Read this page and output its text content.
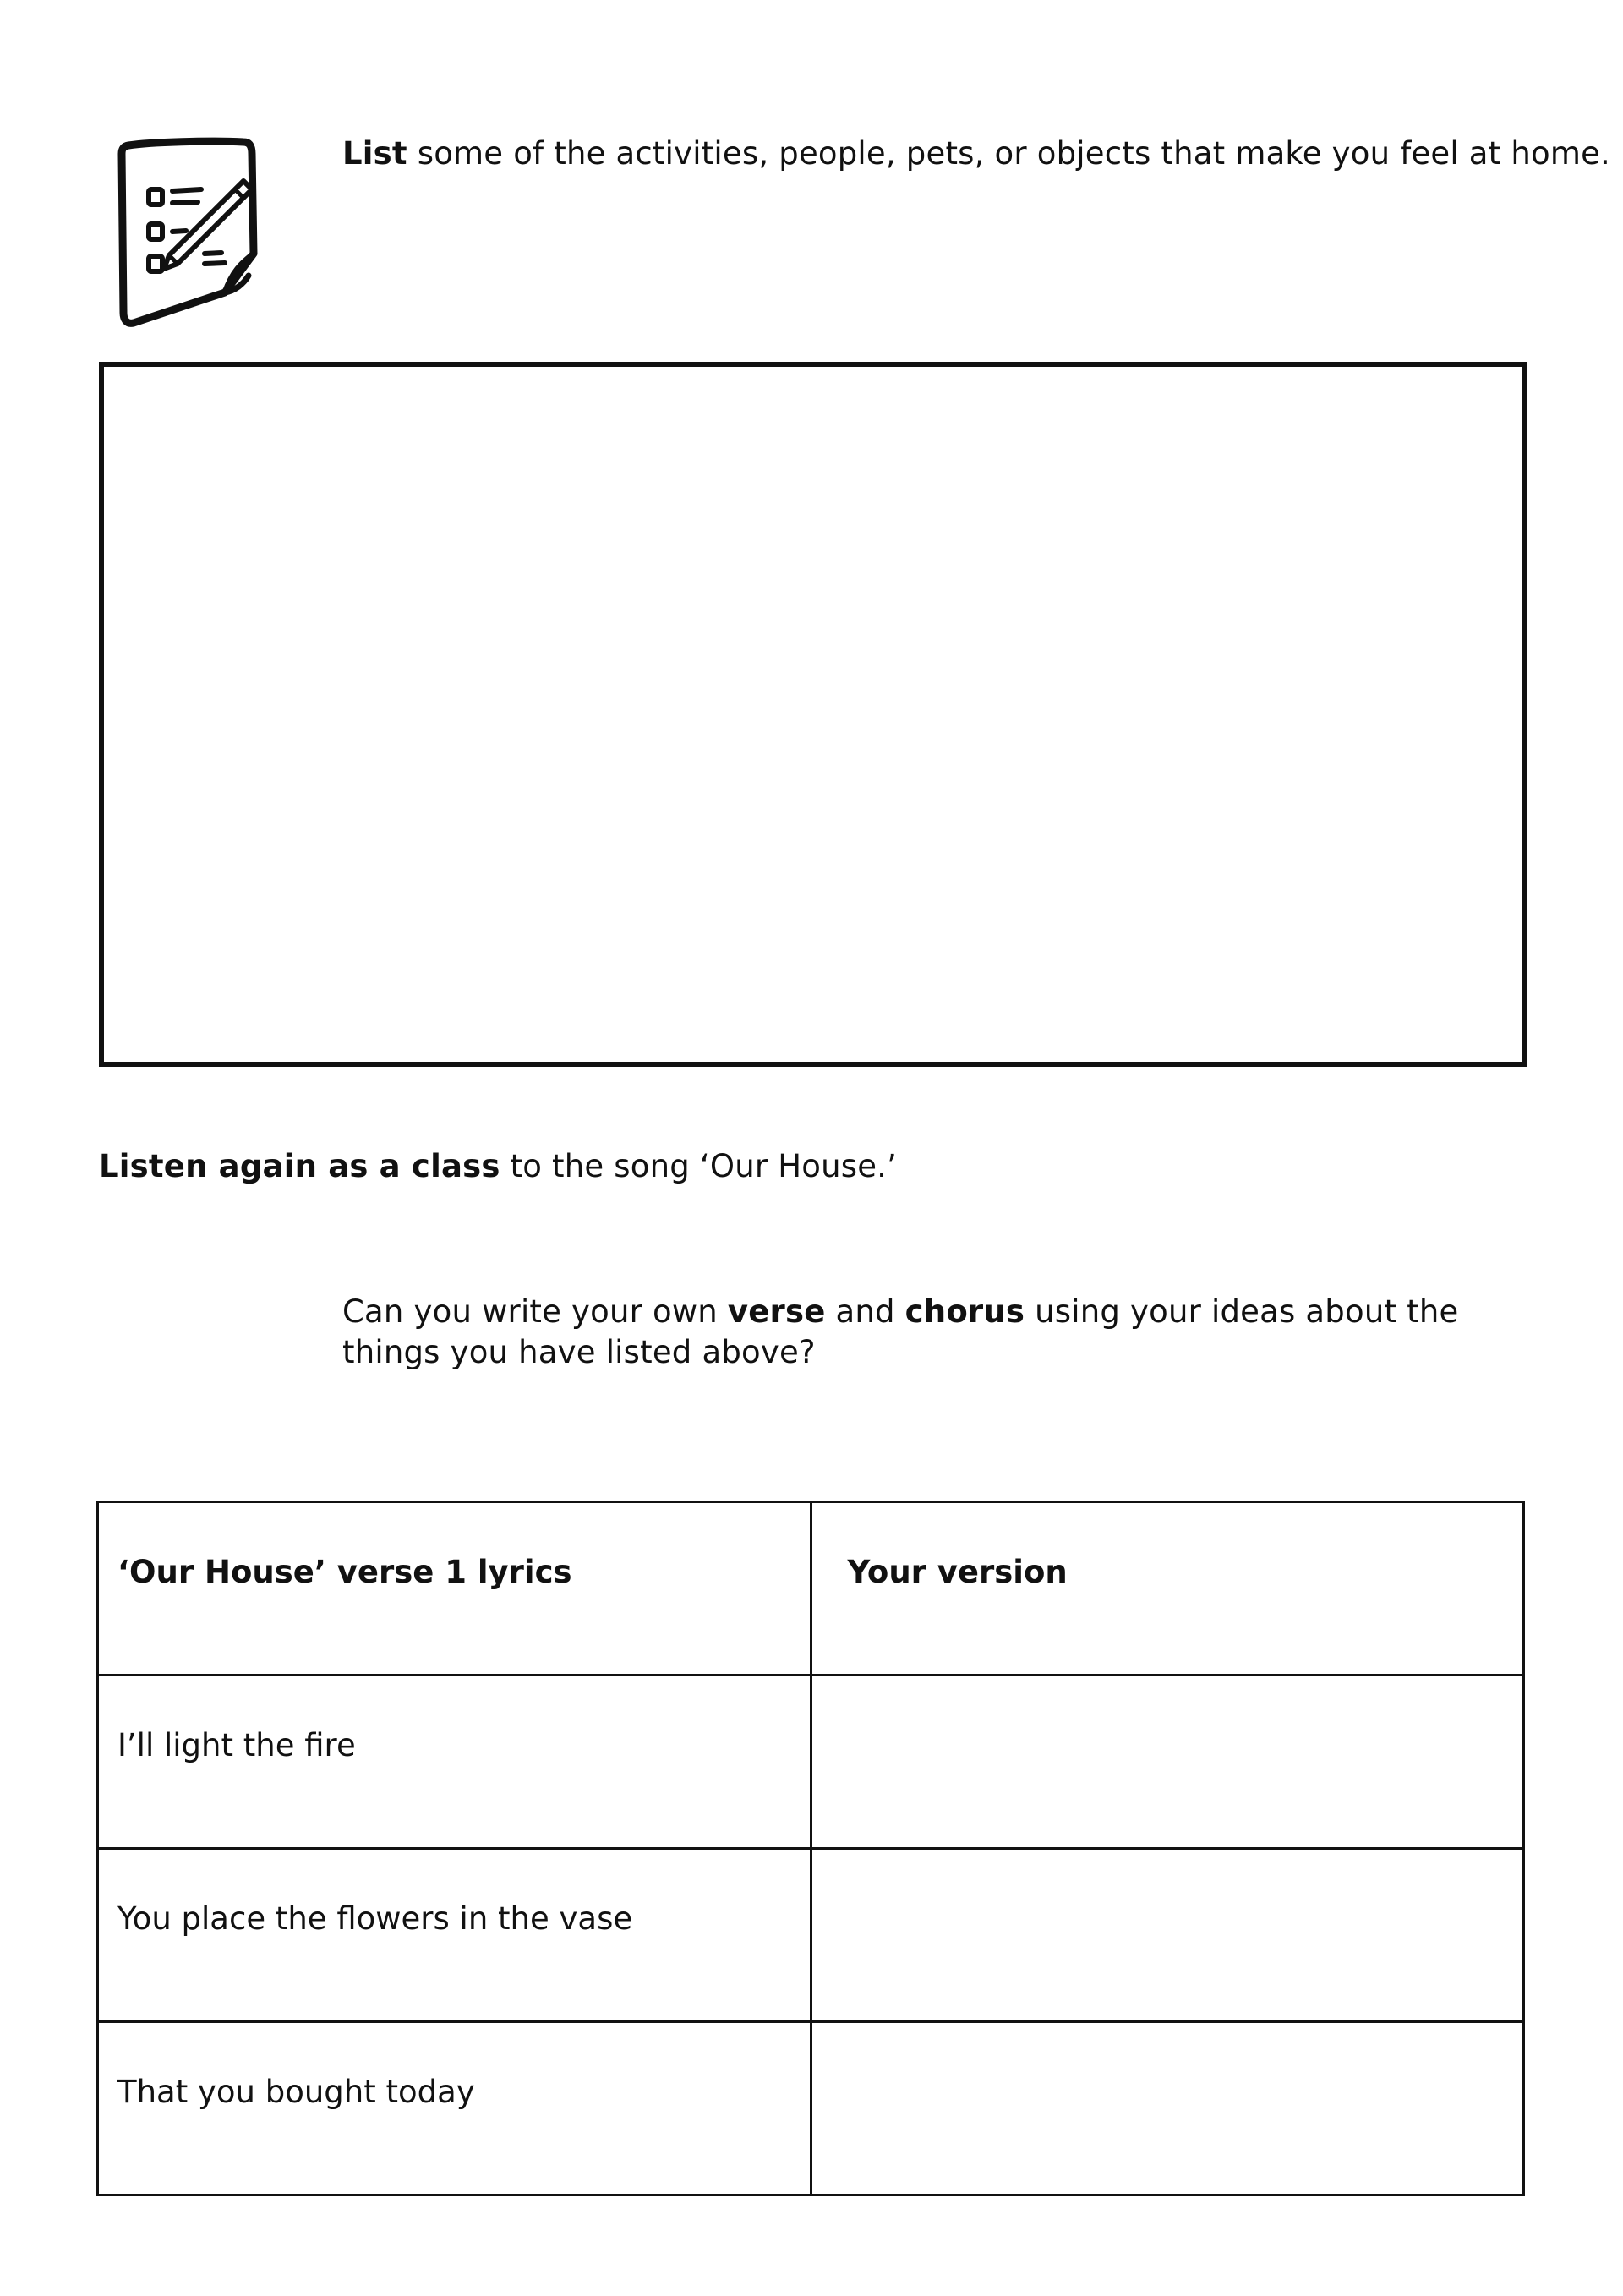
List some of the activities, people, pets, or objects that make you feel at home.
Listen again as a class to the song ‘Our House.’
Can you write your own verse and chorus using your ideas about the things you have listed above?
‘Our House’ verse 1 lyrics	Your version

I’ll light the fire	

You place the flowers in the vase	

That you bought today	
